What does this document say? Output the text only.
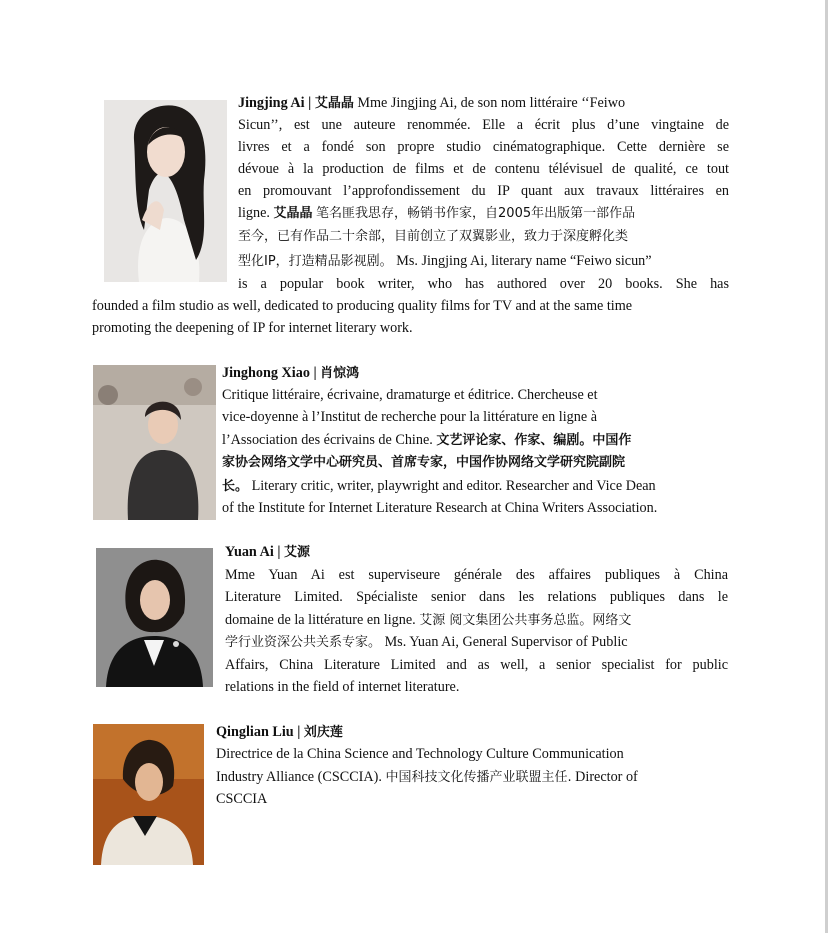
Jingjing Ai | 艾晶晶 Mme Jingjing Ai, de son nom littéraire ‘‘Feiwo
Sicun’’, est une auteure renommée. Elle a écrit plus d’une vingtaine de
livres et a fondé son propre studio cinématographique. Cette dernière se
dévoue à la production de films et de contenu télévisuel de qualité, ce tout
en promouvant l’approfondissement du IP quant aux travaux littéraires en
ligne. 艾晶晶 笔名匪我思存，畅销书作家，自2005年出版第一部作品
至今，已有作品二十余部，目前创立了双翼影业，致力于深度孵化类
型化IP，打造精品影视剧。 Ms. Jingjing Ai, literary name “Feiwo sicun”
is a popular book writer, who has authored over 20 books. She has
founded a film studio as well, dedicated to producing quality films for TV and at the same time
promoting the deepening of IP for internet literary work.
Jinghong Xiao | 肖惊鸿
Critique littéraire, écrivaine, dramaturge et éditrice. Chercheuse et
vice-doyenne à l’Institut de recherche pour la littérature en ligne à
l’Association des écrivains de Chine. 文艺评论家、作家、编剧。中国作
家协会网络文学中心研究员、首席专家，中国作协网络文学研究院副院
长。 Literary critic, writer, playwright and editor. Researcher and Vice Dean
of the Institute for Internet Literature Research at China Writers Association.
Yuan Ai | 艾源
Mme Yuan Ai est superviseure générale des affaires publiques à China
Literature Limited. Spécialiste senior dans les relations publiques dans le
domaine de la littérature en ligne. 艾源 阅文集团公共事务总监。网络文
学行业资深公共关系专家。 Ms. Yuan Ai, General Supervisor of Public
Affairs, China Literature Limited and as well, a senior specialist for public
relations in the field of internet literature.
Qinglian Liu | 刘庆莲
Directrice de la China Science and Technology Culture Communication
Industry Alliance (CSCCIA). 中国科技文化传播产业联盟主任. Director of
CSCCIA
